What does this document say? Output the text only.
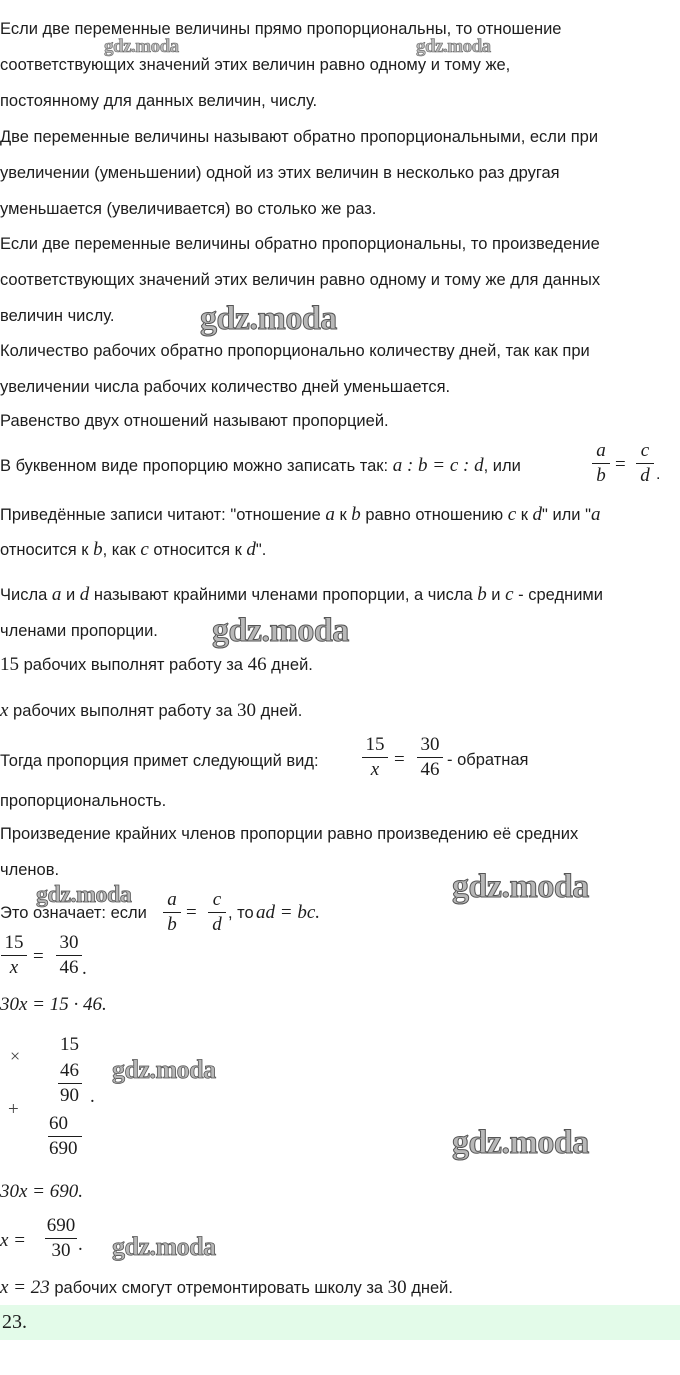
Если две переменные величины прямо пропорциональны, то отношение
соответствующих значений этих величин равно одному и тому же,
постоянному для данных величин, числу.
Две переменные величины называют обратно пропорциональными, если при
увеличении (уменьшении) одной из этих величин в несколько раз другая
уменьшается (увеличивается) во столько же раз.
Если две переменные величины обратно пропорциональны, то произведение
соответствующих значений этих величин равно одному и тому же для данных
величин числу.
Количество рабочих обратно пропорционально количеству дней, так как при
увеличении числа рабочих количество дней уменьшается.
Равенство двух отношений называют пропорцией.
В буквенном виде пропорцию можно записать так: a : b = c : d, или
a
b
=
c
d .
Приведённые записи читают: "отношение a к b равно отношению c к d" или "a
относится к b, как c относится к d".
Числа a и d называют крайними членами пропорции, а числа b и c - средними
членами пропорции.
15 рабочих выполнят работу за 46 дней.
x рабочих выполнят работу за 30 дней.
Тогда пропорция примет следующий вид:
15
x =
30
46 - обратная
пропорциональность.
Произведение крайних членов пропорции равно произведению её средних
членов.
Это означает: если
a
b
=
c
d
, то ad = bc.
15
x
=
30
46 .
30x = 15 · 46.
×
15
46
90 .
+
60
690
30x = 690.
x =
690
30 .
x = 23 рабочих смогут отремонтировать школу за 30 дней.
23.
gdz.moda	gdz.moda
gdz.moda
gdz.moda
gdz.moda	gdz.moda
gdz.moda
gdz.moda
gdz.moda
